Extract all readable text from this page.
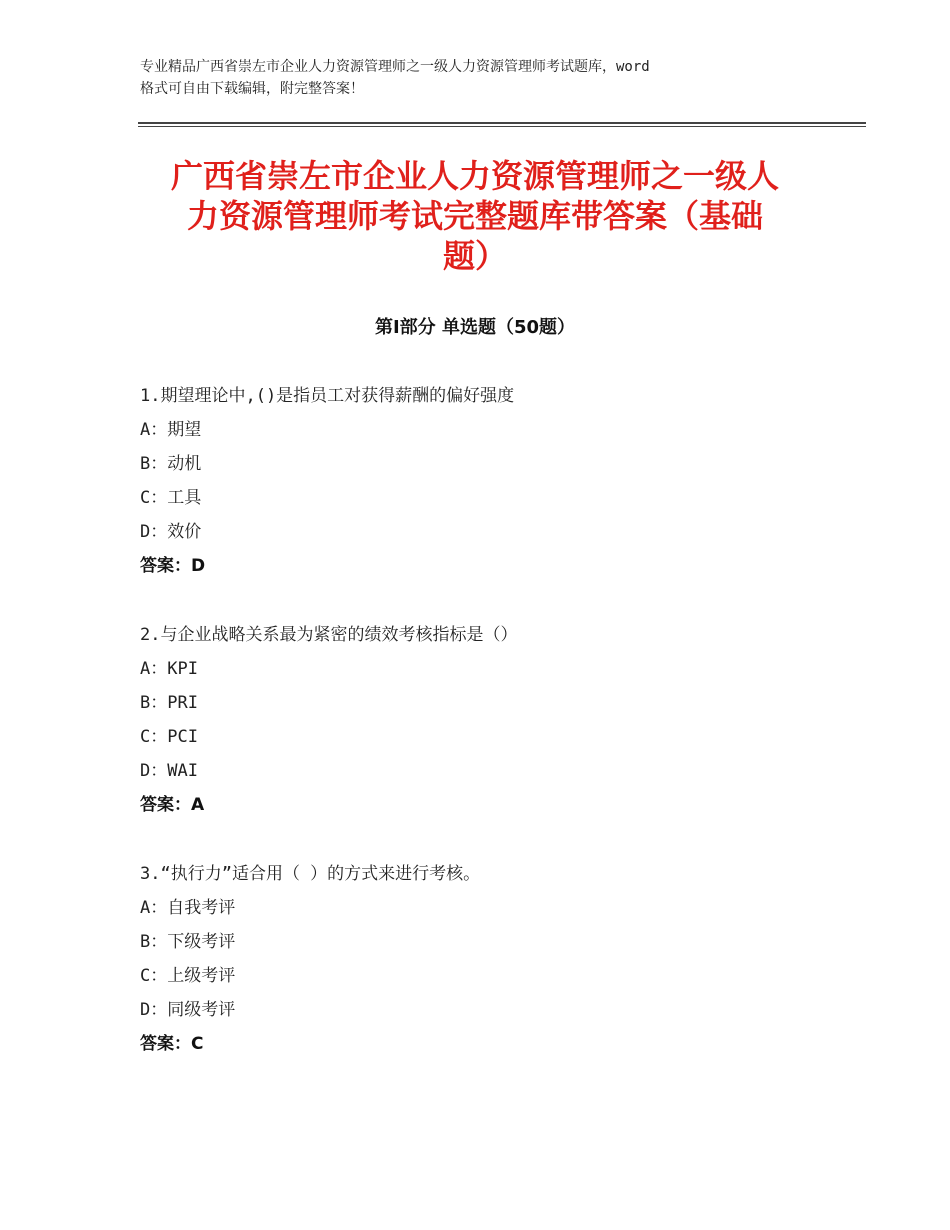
专业精品广西省崇左市企业人力资源管理师之一级人力资源管理师考试题库，word
格式可自由下载编辑，附完整答案！
广西省崇左市企业人力资源管理师之一级人
力资源管理师考试完整题库带答案（基础
题）
第Ⅰ部分 单选题（50题）
1.期望理论中,()是指员工对获得薪酬的偏好强度
A：期望
B：动机
C：工具
D：效价
答案：D
2.与企业战略关系最为紧密的绩效考核指标是（）
A：KPI
B：PRI
C：PCI
D：WAI
答案：A
3.“执行力”适合用（ ）的方式来进行考核。
A：自我考评
B：下级考评
C：上级考评
D：同级考评
答案：C
